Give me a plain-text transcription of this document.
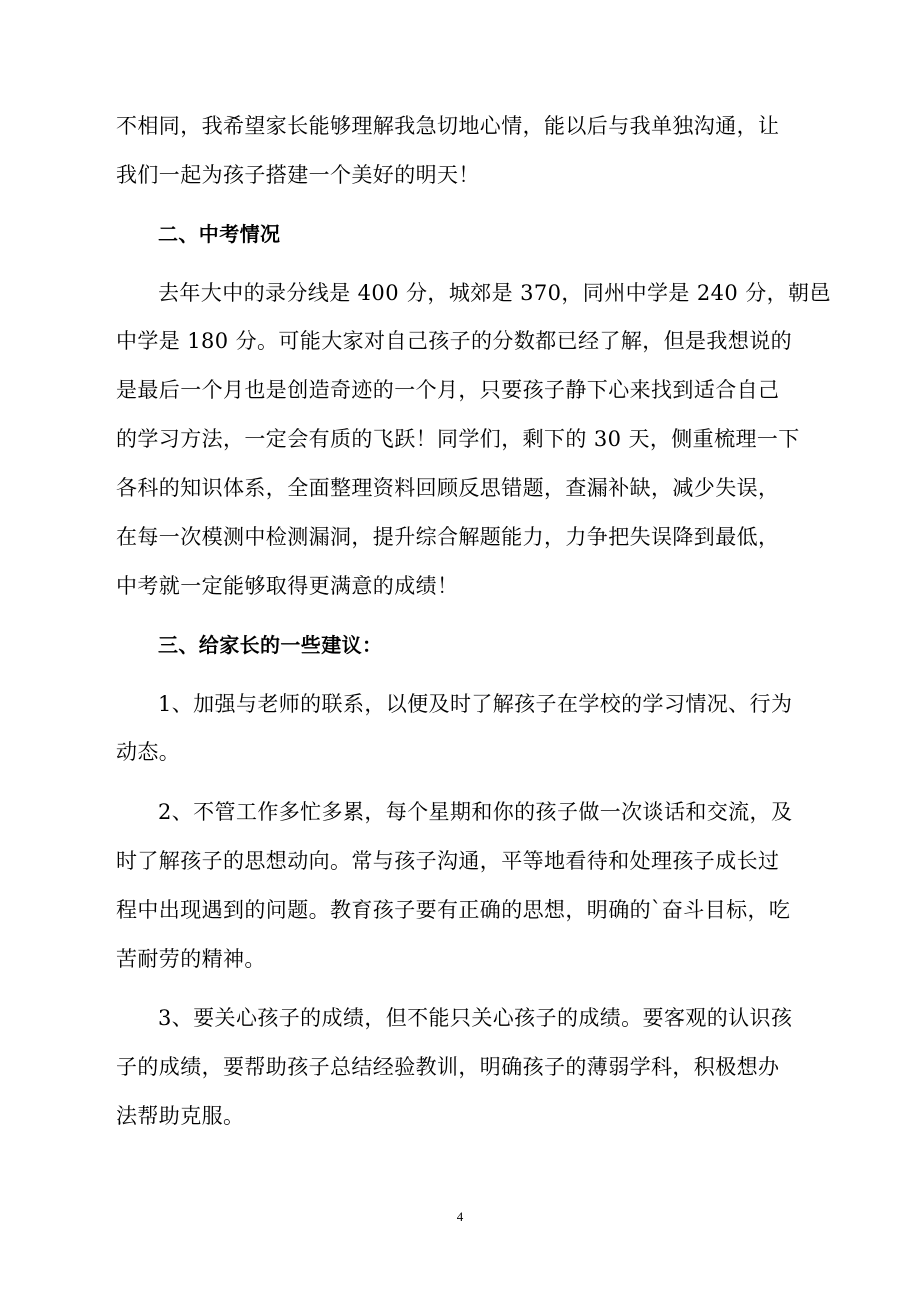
不相同，我希望家长能够理解我急切地心情，能以后与我单独沟通，让
我们一起为孩子搭建一个美好的明天！
二、中考情况
去年大中的录分线是 400 分，城郊是 370，同州中学是 240 分，朝邑
中学是 180 分。可能大家对自己孩子的分数都已经了解，但是我想说的
是最后一个月也是创造奇迹的一个月，只要孩子静下心来找到适合自己
的学习方法，一定会有质的飞跃！同学们，剩下的 30 天，侧重梳理一下
各科的知识体系，全面整理资料回顾反思错题，查漏补缺，减少失误，
在每一次模测中检测漏洞，提升综合解题能力，力争把失误降到最低，
中考就一定能够取得更满意的成绩！
三、给家长的一些建议：
1、加强与老师的联系，以便及时了解孩子在学校的学习情况、行为
动态。
2、不管工作多忙多累，每个星期和你的孩子做一次谈话和交流，及
时了解孩子的思想动向。常与孩子沟通，平等地看待和处理孩子成长过
程中出现遇到的问题。教育孩子要有正确的思想，明确的`奋斗目标，吃
苦耐劳的精神。
3、要关心孩子的成绩，但不能只关心孩子的成绩。要客观的认识孩
子的成绩，要帮助孩子总结经验教训，明确孩子的薄弱学科，积极想办
法帮助克服。
4
